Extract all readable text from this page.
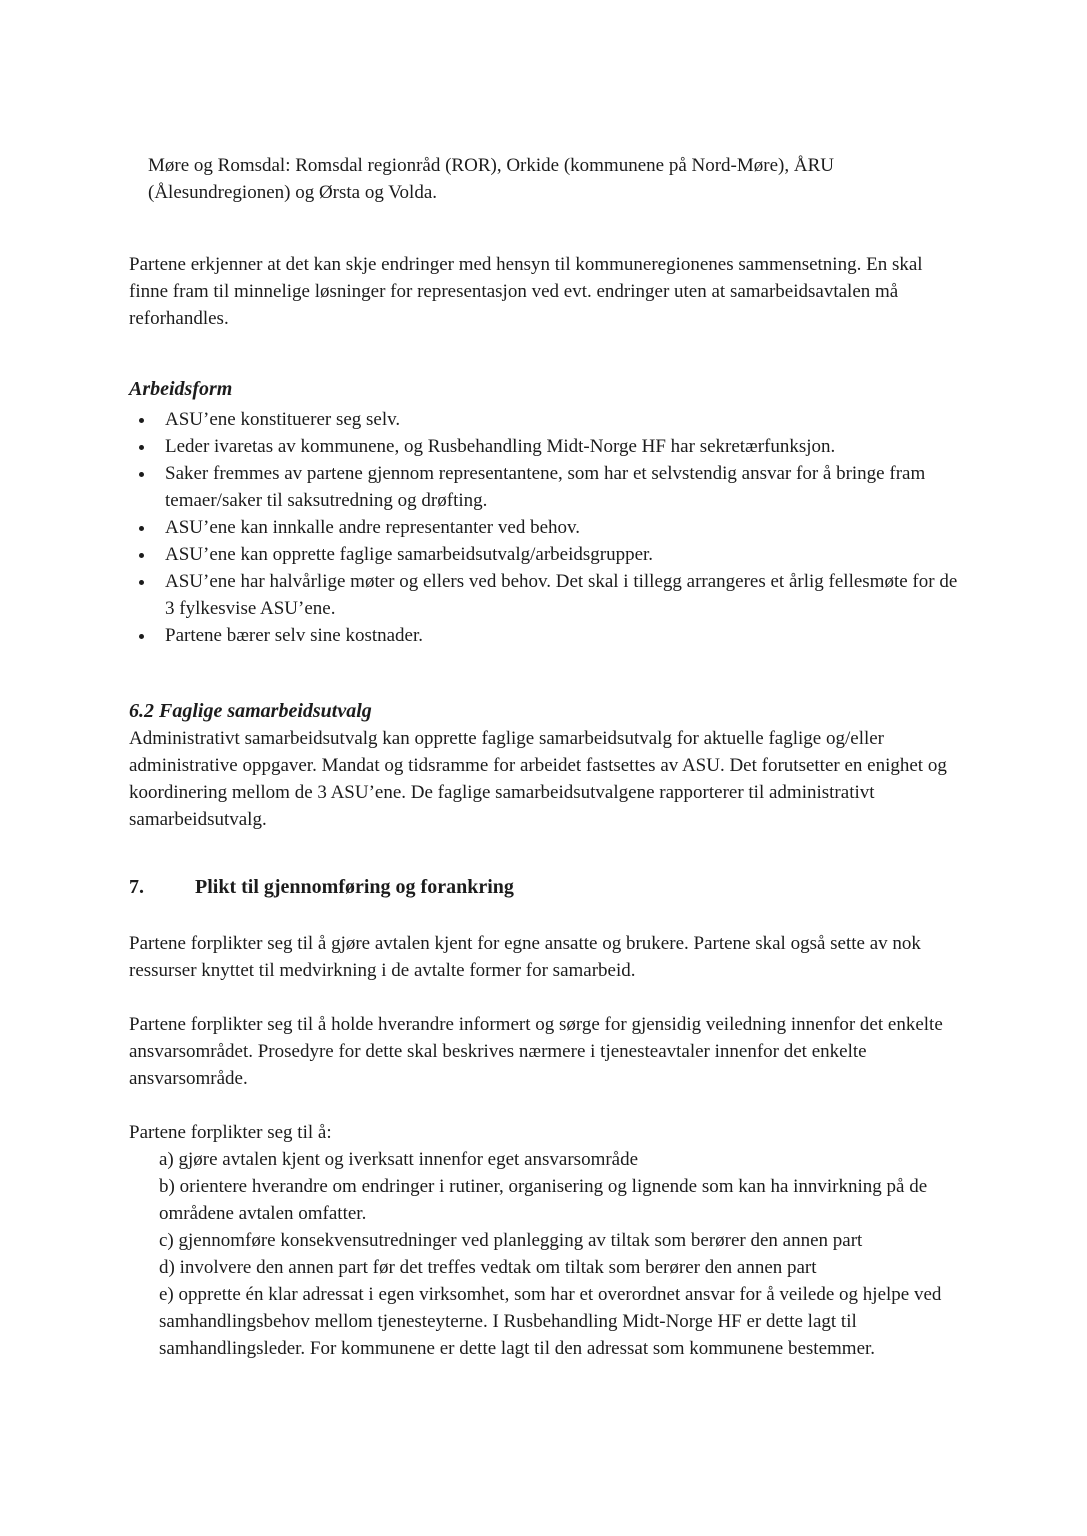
Møre og Romsdal: Romsdal regionråd (ROR), Orkide (kommunene på Nord-Møre), ÅRU (Ålesundregionen) og Ørsta og Volda.

Partene erkjenner at det kan skje endringer med hensyn til kommuneregionenes sammensetning. En skal finne fram til minnelige løsninger for representasjon ved evt. endringer uten at samarbeidsavtalen må reforhandles.

Arbeidsform
• ASU’ene konstituerer seg selv.
• Leder ivaretas av kommunene, og Rusbehandling Midt-Norge HF har sekretærfunksjon.
• Saker fremmes av partene gjennom representantene, som har et selvstendig ansvar for å bringe fram temaer/saker til saksutredning og drøfting.
• ASU’ene kan innkalle andre representanter ved behov.
• ASU’ene kan opprette faglige samarbeidsutvalg/arbeidsgrupper.
• ASU’ene har halvårlige møter og ellers ved behov. Det skal i tillegg arrangeres et årlig fellesmøte for de 3 fylkesvise ASU’ene.
• Partene bærer selv sine kostnader.
6.2 Faglige samarbeidsutvalg

Administrativt samarbeidsutvalg kan opprette faglige samarbeidsutvalg for aktuelle faglige og/eller administrative oppgaver. Mandat og tidsramme for arbeidet fastsettes av ASU. Det forutsetter en enighet og koordinering mellom de 3 ASU’ene. De faglige samarbeidsutvalgene rapporterer til administrativt samarbeidsutvalg.

7.	Plikt til gjennomføring og forankring

Partene forplikter seg til å gjøre avtalen kjent for egne ansatte og brukere. Partene skal også sette av nok ressurser knyttet til medvirkning i de avtalte former for samarbeid.

Partene forplikter seg til å holde hverandre informert og sørge for gjensidig veiledning innenfor det enkelte ansvarsområdet. Prosedyre for dette skal beskrives nærmere i tjenesteavtaler innenfor det enkelte ansvarsområde.

Partene forplikter seg til å:

a) gjøre avtalen kjent og iverksatt innenfor eget ansvarsområde

b) orientere hverandre om endringer i rutiner, organisering og lignende som kan ha innvirkning på de områdene avtalen omfatter.

c) gjennomføre konsekvensutredninger ved planlegging av tiltak som berører den annen part

d) involvere den annen part før det treffes vedtak om tiltak som berører den annen part

e) opprette én klar adressat i egen virksomhet, som har et overordnet ansvar for å veilede og hjelpe ved samhandlingsbehov mellom tjenesteyterne. I Rusbehandling Midt-Norge HF er dette lagt til samhandlingsleder. For kommunene er dette lagt til den adressat som kommunene bestemmer.
